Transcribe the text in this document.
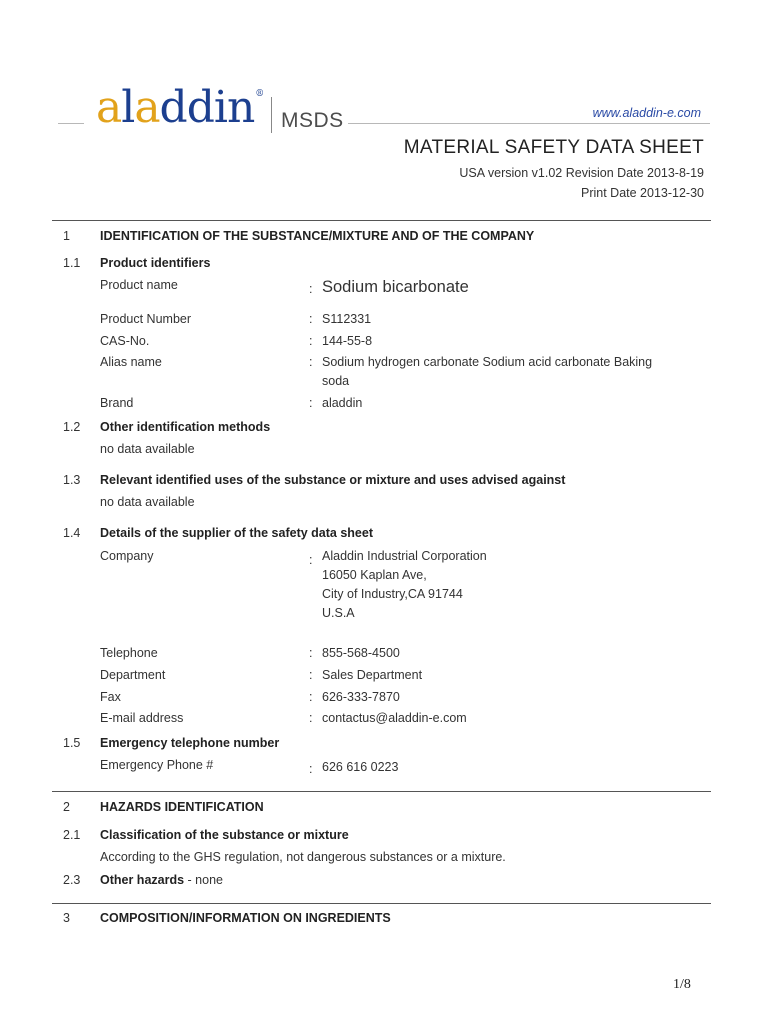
aladdin®
MSDS	www.aladdin-e.com
MATERIAL SAFETY DATA SHEET
USA version v1.02 Revision Date 2013-8-19
Print Date 2013-12-30
1 IDENTIFICATION OF THE SUBSTANCE/MIXTURE AND OF THE COMPANY
1.1 Product identifiers
Product name	: Sodium bicarbonate
Product Number	: S112331
CAS-No.	: 144-55-8
Alias name	: Sodium hydrogen carbonate Sodium acid carbonate Baking
soda
Brand	: aladdin
1.2 Other identification methods
no data available
1.3 Relevant identified uses of the substance or mixture and uses advised against
no data available
1.4 Details of the supplier of the safety data sheet
Company	: Aladdin Industrial Corporation
16050 Kaplan Ave,
City of Industry,CA 91744
U.S.A
Telephone	: 855-568-4500
Department	: Sales Department
Fax	: 626-333-7870
E-mail address	: contactus@aladdin-e.com
1.5 Emergency telephone number
Emergency Phone #	: 626 616 0223
2 HAZARDS IDENTIFICATION
2.1 Classification of the substance or mixture
According to the GHS regulation, not dangerous substances or a mixture.
2.3 Other hazards - none
3 COMPOSITION/INFORMATION ON INGREDIENTS
1/8
